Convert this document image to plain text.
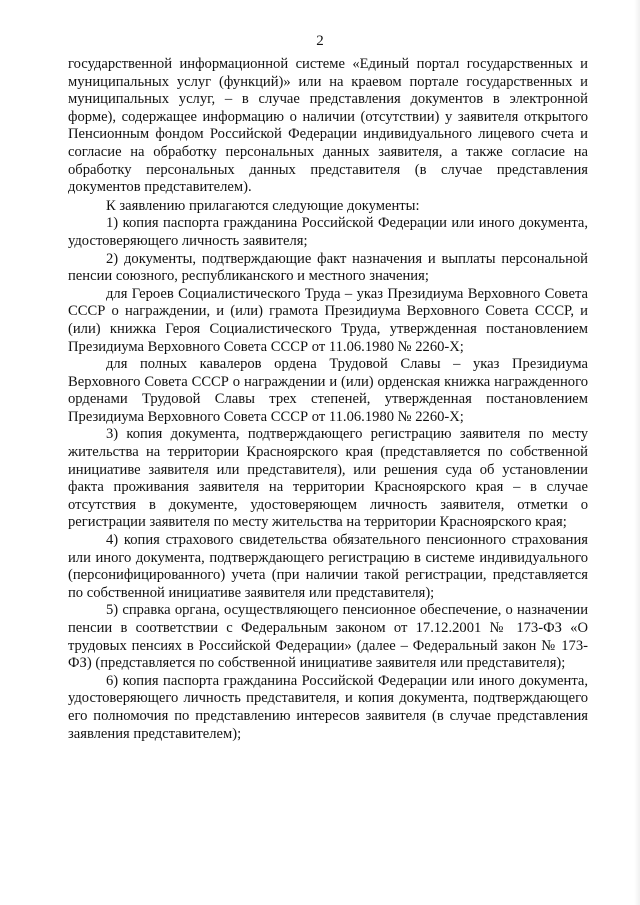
2

государственной информационной системе «Единый портал государственных и муниципальных услуг (функций)» или на краевом портале государственных и муниципальных услуг, – в случае представления документов в электронной форме), содержащее информацию о наличии (отсутствии) у заявителя открытого Пенсионным фондом Российской Федерации индивидуального лицевого счета и согласие на обработку персональных данных заявителя, а также согласие на обработку персональных данных представителя (в случае представления документов представителем).

К заявлению прилагаются следующие документы:

1) копия паспорта гражданина Российской Федерации или иного документа, удостоверяющего личность заявителя;

2) документы, подтверждающие факт назначения и выплаты персональной пенсии союзного, республиканского и местного значения;

для Героев Социалистического Труда – указ Президиума Верховного Совета СССР о награждении, и (или) грамота Президиума Верховного Совета СССР, и (или) книжка Героя Социалистического Труда, утвержденная постановлением Президиума Верховного Совета СССР от 11.06.1980 № 2260-Х;

для полных кавалеров ордена Трудовой Славы – указ Президиума Верховного Совета СССР о награждении и (или) орденская книжка награжденного орденами Трудовой Славы трех степеней, утвержденная постановлением Президиума Верховного Совета СССР от 11.06.1980 № 2260-Х;

3) копия документа, подтверждающего регистрацию заявителя по месту жительства на территории Красноярского края (представляется по собственной инициативе заявителя или представителя), или решения суда об установлении факта проживания заявителя на территории Красноярского края – в случае отсутствия в документе, удостоверяющем личность заявителя, отметки о регистрации заявителя по месту жительства на территории Красноярского края;

4) копия страхового свидетельства обязательного пенсионного страхования или иного документа, подтверждающего регистрацию в системе индивидуального (персонифицированного) учета (при наличии такой регистрации, представляется по собственной инициативе заявителя или представителя);

5) справка органа, осуществляющего пенсионное обеспечение, о назначении пенсии в соответствии с Федеральным законом от 17.12.2001 № 173-ФЗ «О трудовых пенсиях в Российской Федерации» (далее – Федеральный закон № 173-ФЗ) (представляется по собственной инициативе заявителя или представителя);

6) копия паспорта гражданина Российской Федерации или иного документа, удостоверяющего личность представителя, и копия документа, подтверждающего его полномочия по представлению интересов заявителя (в случае представления заявления представителем);
